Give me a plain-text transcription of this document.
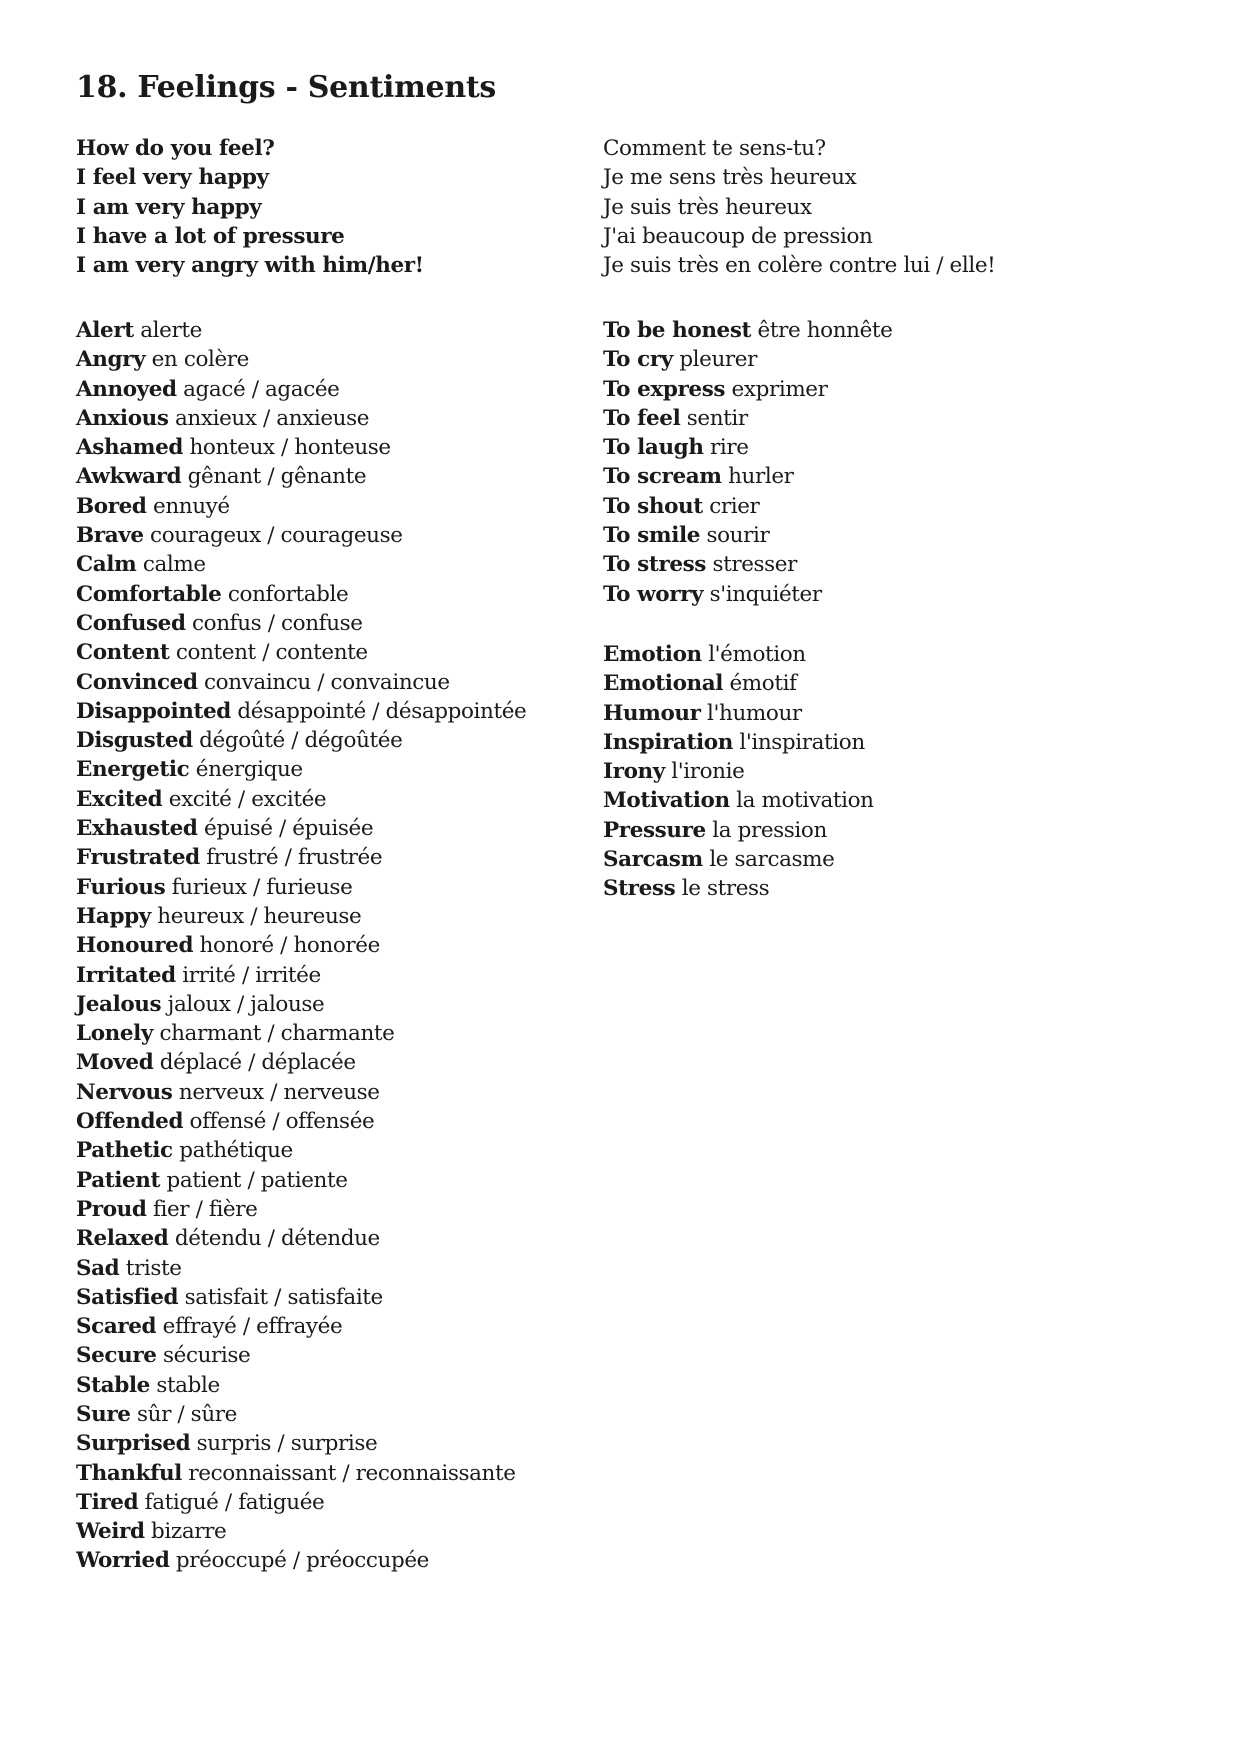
18. Feelings - Sentiments
How do you feel?
I feel very happy
I am very happy
I have a lot of pressure
I am very angry with him/her!
Comment te sens-tu?
Je me sens très heureux
Je suis très heureux
J'ai beaucoup de pression
Je suis très en colère contre lui / elle!
Alert alerte
Angry en colère
Annoyed agacé / agacée
Anxious anxieux / anxieuse
Ashamed honteux / honteuse
Awkward gênant / gênante
Bored ennuyé
Brave courageux / courageuse
Calm calme
Comfortable confortable
Confused confus / confuse
Content content / contente
Convinced convaincu / convaincue
Disappointed désappointé / désappointée
Disgusted dégoûté / dégoûtée
Energetic énergique
Excited excité / excitée
Exhausted épuisé / épuisée
Frustrated frustré / frustrée
Furious furieux / furieuse
Happy heureux / heureuse
Honoured honoré / honorée
Irritated irrité / irritée
Jealous jaloux / jalouse
Lonely charmant / charmante
Moved déplacé / déplacée
Nervous nerveux / nerveuse
Offended offensé / offensée
Pathetic pathétique
Patient patient / patiente
Proud fier / fière
Relaxed détendu / détendue
Sad triste
Satisfied satisfait / satisfaite
Scared effrayé / effrayée
Secure sécurise
Stable stable
Sure sûr / sûre
Surprised surpris / surprise
Thankful reconnaissant / reconnaissante
Tired fatigué / fatiguée
Weird bizarre
Worried préoccupé / préoccupée
To be honest être honnête
To cry pleurer
To express exprimer
To feel sentir
To laugh rire
To scream hurler
To shout crier
To smile sourir
To stress stresser
To worry s'inquiéter
Emotion l'émotion
Emotional émotif
Humour l'humour
Inspiration l'inspiration
Irony l'ironie
Motivation la motivation
Pressure la pression
Sarcasm le sarcasme
Stress le stress
